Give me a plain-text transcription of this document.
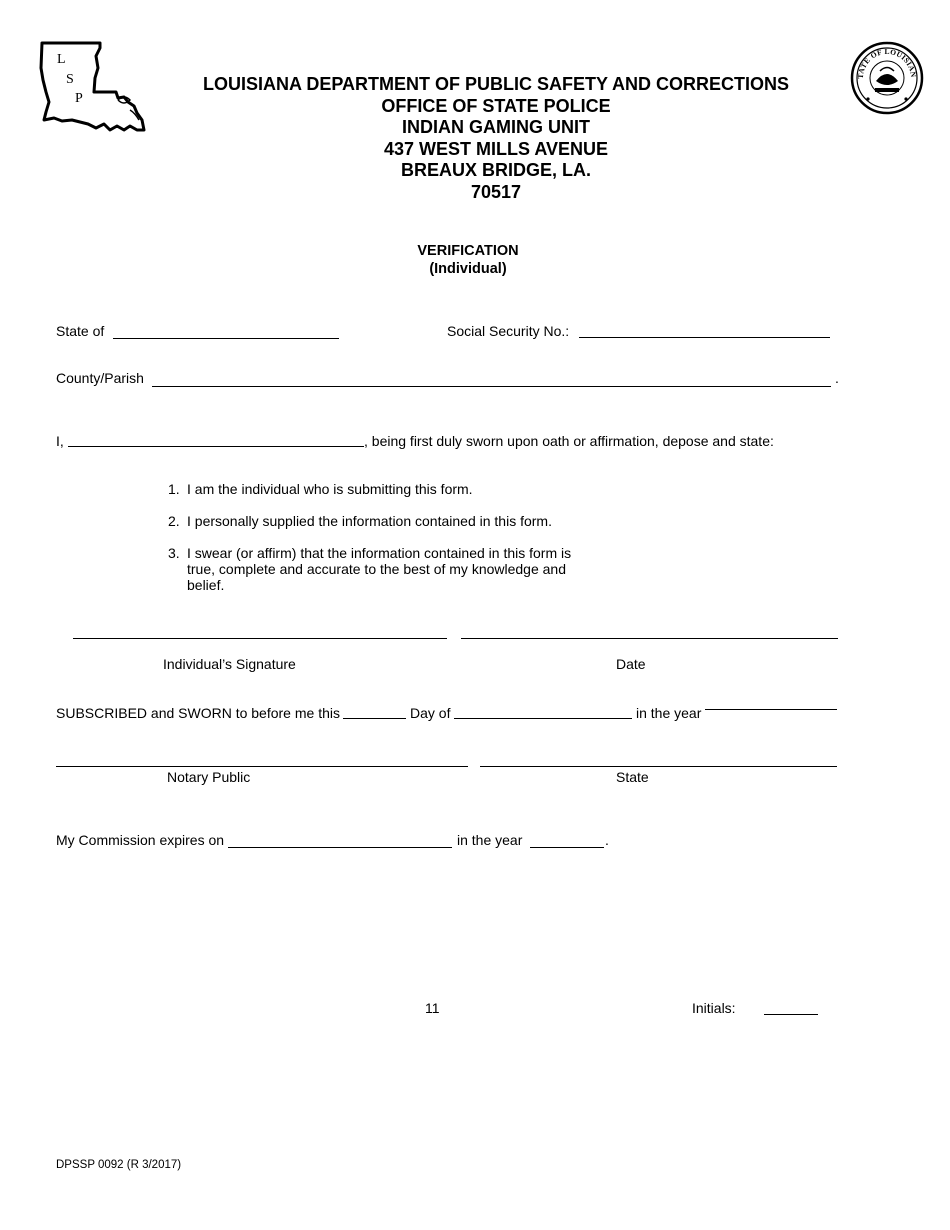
L
S
P
TATE OF LOUISIAN
LOUISIANA DEPARTMENT OF PUBLIC SAFETY AND CORRECTIONS
OFFICE OF STATE POLICE
INDIAN GAMING UNIT
437 WEST MILLS AVENUE
BREAUX BRIDGE, LA.
70517
VERIFICATION
(Individual)
State of	Social Security No.:
County/Parish	.
I,	, being first duly sworn upon oath or affirmation, depose and state:
1. I am the individual who is submitting this form.
2. I personally supplied the information contained in this form.
3. I swear (or affirm) that the information contained in this form is true, complete and accurate to the best of my knowledge and belief.
Individual’s Signature	Date
SUBSCRIBED and SWORN to before me this	Day of	in the year
Notary Public	State
My Commission expires on	in the year	.
11	Initials:
DPSSP 0092 (R 3/2017)
